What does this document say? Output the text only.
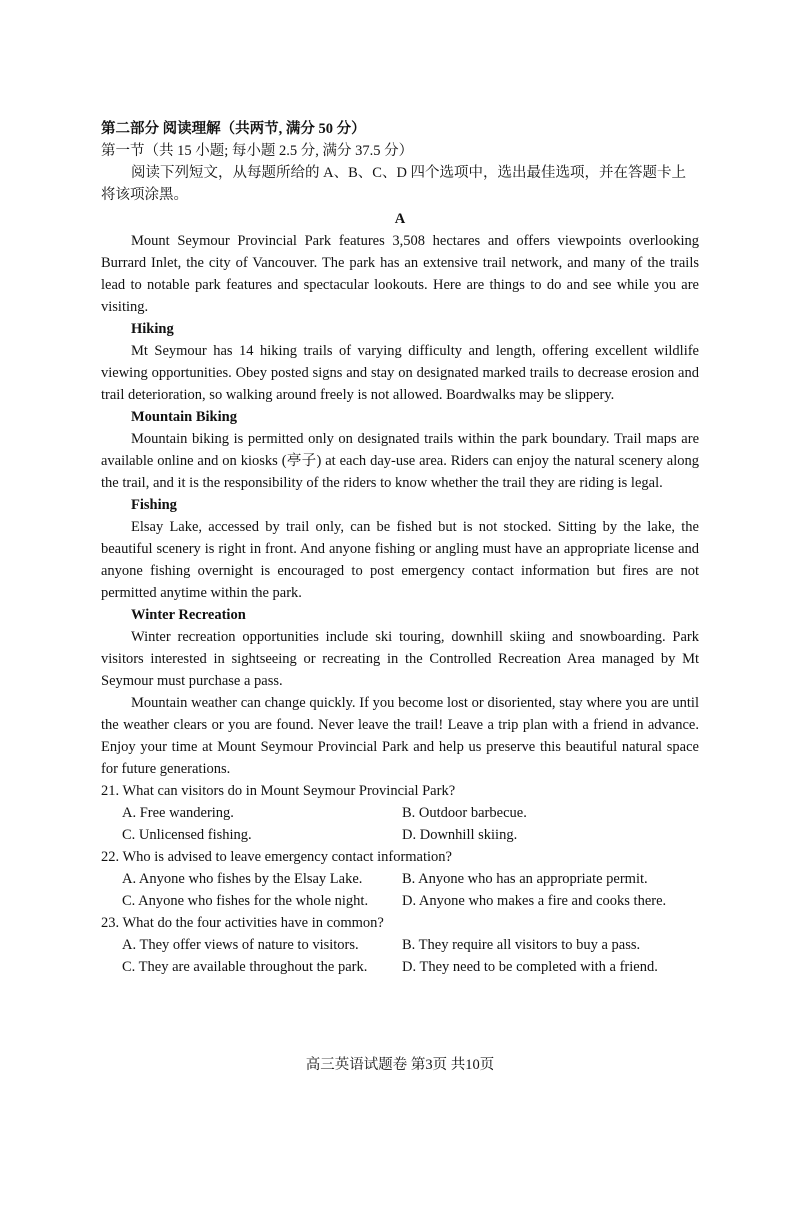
第二部分 阅读理解（共两节, 满分 50 分）

第一节（共 15 小题; 每小题 2.5 分, 满分 37.5 分）

阅读下列短文，从每题所给的 A、B、C、D 四个选项中，选出最佳选项，并在答题卡上将该项涂黑。

A

Mount Seymour Provincial Park features 3,508 hectares and offers viewpoints overlooking Burrard Inlet, the city of Vancouver. The park has an extensive trail network, and many of the trails lead to notable park features and spectacular lookouts. Here are things to do and see while you are visiting.

Hiking

Mt Seymour has 14 hiking trails of varying difficulty and length, offering excellent wildlife viewing opportunities. Obey posted signs and stay on designated marked trails to decrease erosion and trail deterioration, so walking around freely is not allowed. Boardwalks may be slippery.

Mountain Biking

Mountain biking is permitted only on designated trails within the park boundary. Trail maps are available online and on kiosks (亭子) at each day-use area. Riders can enjoy the natural scenery along the trail, and it is the responsibility of the riders to know whether the trail they are riding is legal.

Fishing

Elsay Lake, accessed by trail only, can be fished but is not stocked. Sitting by the lake, the beautiful scenery is right in front. And anyone fishing or angling must have an appropriate license and anyone fishing overnight is encouraged to post emergency contact information but fires are not permitted anytime within the park.

Winter Recreation

Winter recreation opportunities include ski touring, downhill skiing and snowboarding. Park visitors interested in sightseeing or recreating in the Controlled Recreation Area managed by Mt Seymour must purchase a pass.

Mountain weather can change quickly. If you become lost or disoriented, stay where you are until the weather clears or you are found. Never leave the trail! Leave a trip plan with a friend in advance. Enjoy your time at Mount Seymour Provincial Park and help us preserve this beautiful natural space for future generations.

21. What can visitors do in Mount Seymour Provincial Park?

A. Free wandering.	B. Outdoor barbecue.

C. Unlicensed fishing.	D. Downhill skiing.

22. Who is advised to leave emergency contact information?

A. Anyone who fishes by the Elsay Lake.	B. Anyone who has an appropriate permit.

C. Anyone who fishes for the whole night.	D. Anyone who makes a fire and cooks there.

23. What do the four activities have in common?

A. They offer views of nature to visitors.	B. They require all visitors to buy a pass.

C. They are available throughout the park.	D. They need to be completed with a friend.

高三英语试题卷 第3页 共10页
